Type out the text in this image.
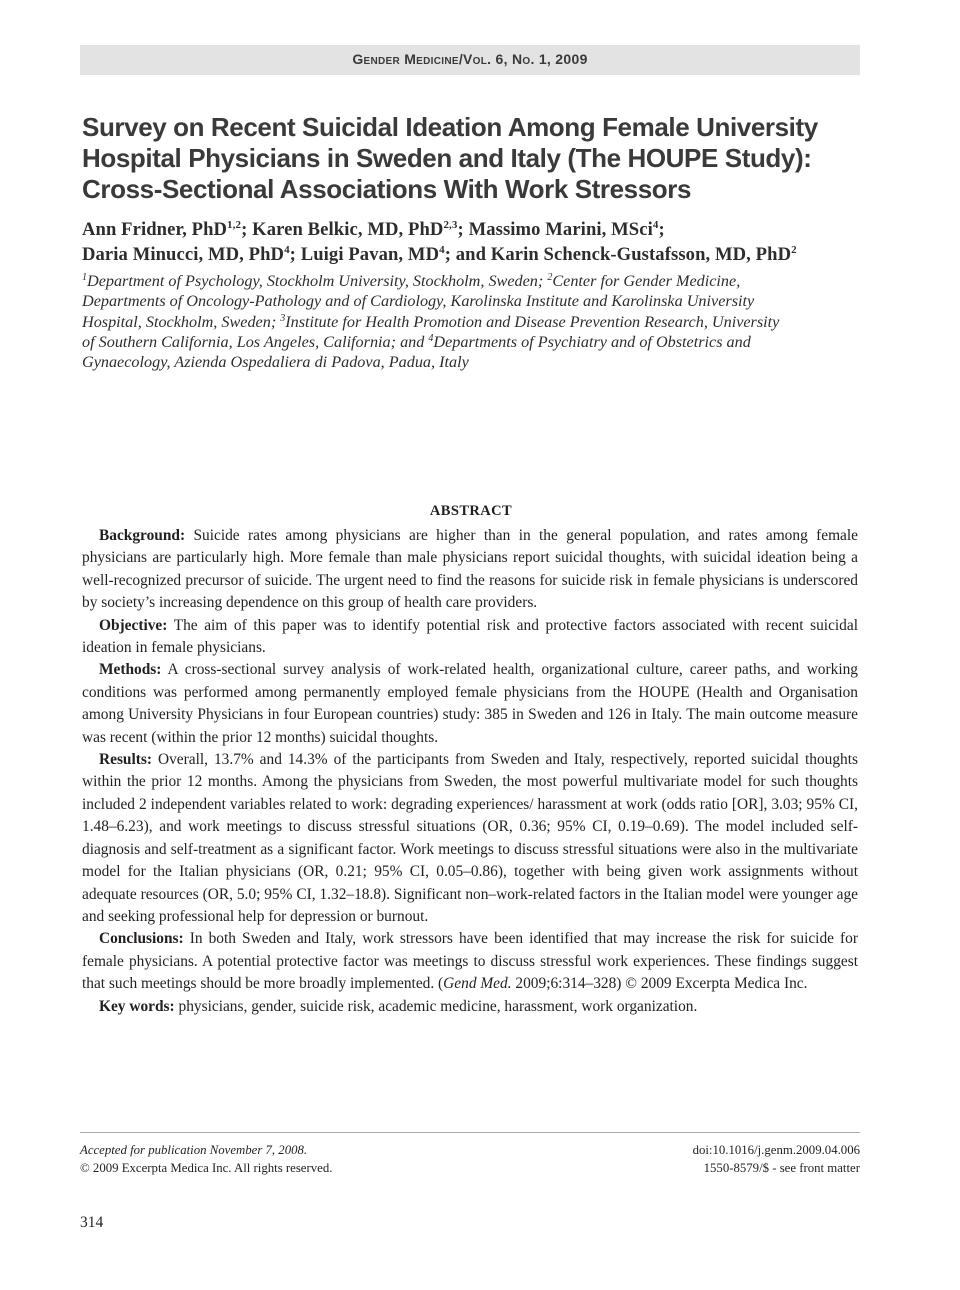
Gender Medicine/Vol. 6, No. 1, 2009
Survey on Recent Suicidal Ideation Among Female University
Hospital Physicians in Sweden and Italy (The HOUPE Study):
Cross-Sectional Associations With Work Stressors
Ann Fridner, PhD$^{1,2}$; Karen Belkic, MD, PhD$^{2,3}$; Massimo Marini, MSci$^4$;
Daria Minucci, MD, PhD$^4$; Luigi Pavan, $MD^4$; and Karin Schenck-Gustafsson, MD, PhD$^2$
$^1$Department of Psychology, Stockholm University, Stockholm, Sweden; $^2$Center for Gender Medicine,
Departments of Oncology-Pathology and of Cardiology, Karolinska Institute and Karolinska University
Hospital, Stockholm, Sweden; $^3$Institute for Health Promotion and Disease Prevention Research, University
of Southern California, Los Angeles, California; and $^4$Departments of Psychiatry and of Obstetrics and
Gynaecology, Azienda Ospedaliera di Padova, Padua, Italy
ABSTRACT

Background: Suicide rates among physicians are higher than in the general population, and rates among female physicians are particularly high. More female than male physicians report suicidal thoughts, with suicidal ideation being a well-recognized precursor of suicide. The urgent need to find the reasons for suicide risk in female physicians is underscored by society’s increasing dependence on this group of health care providers.

Objective: The aim of this paper was to identify potential risk and protective factors associated with recent suicidal ideation in female physicians.

Methods: A cross-sectional survey analysis of work-related health, organizational culture, career paths, and working conditions was performed among permanently employed female physicians from the HOUPE (Health and Organisation among University Physicians in four European countries) study: 385 in Sweden and 126 in Italy. The main outcome measure was recent (within the prior 12 months) suicidal thoughts.

Results: Overall, 13.7% and 14.3% of the participants from Sweden and Italy, respectively, reported suicidal thoughts within the prior 12 months. Among the physicians from Sweden, the most powerful multivariate model for such thoughts included 2 independent variables related to work: degrading experiences/ harassment at work (odds ratio [OR], 3.03; 95% CI, 1.48–6.23), and work meetings to discuss stressful situations (OR, 0.36; 95% CI, 0.19–0.69). The model included self-diagnosis and self-treatment as a significant factor. Work meetings to discuss stressful situations were also in the multivariate model for the Italian physicians (OR, 0.21; 95% CI, 0.05–0.86), together with being given work assignments without adequate resources (OR, 5.0; 95% CI, 1.32–18.8). Significant non–work-related factors in the Italian model were younger age and seeking professional help for depression or burnout.

Conclusions: In both Sweden and Italy, work stressors have been identified that may increase the risk for suicide for female physicians. A potential protective factor was meetings to discuss stressful work experiences. These findings suggest that such meetings should be more broadly implemented. (Gend Med. 2009;6:314–328) © 2009 Excerpta Medica Inc.

Key words: physicians, gender, suicide risk, academic medicine, harassment, work organization.

Accepted for publication November 7, 2008.
© 2009 Excerpta Medica Inc. All rights reserved.
doi:10.1016/j.genm.2009.04.006
1550-8579/$ - see front matter
314
